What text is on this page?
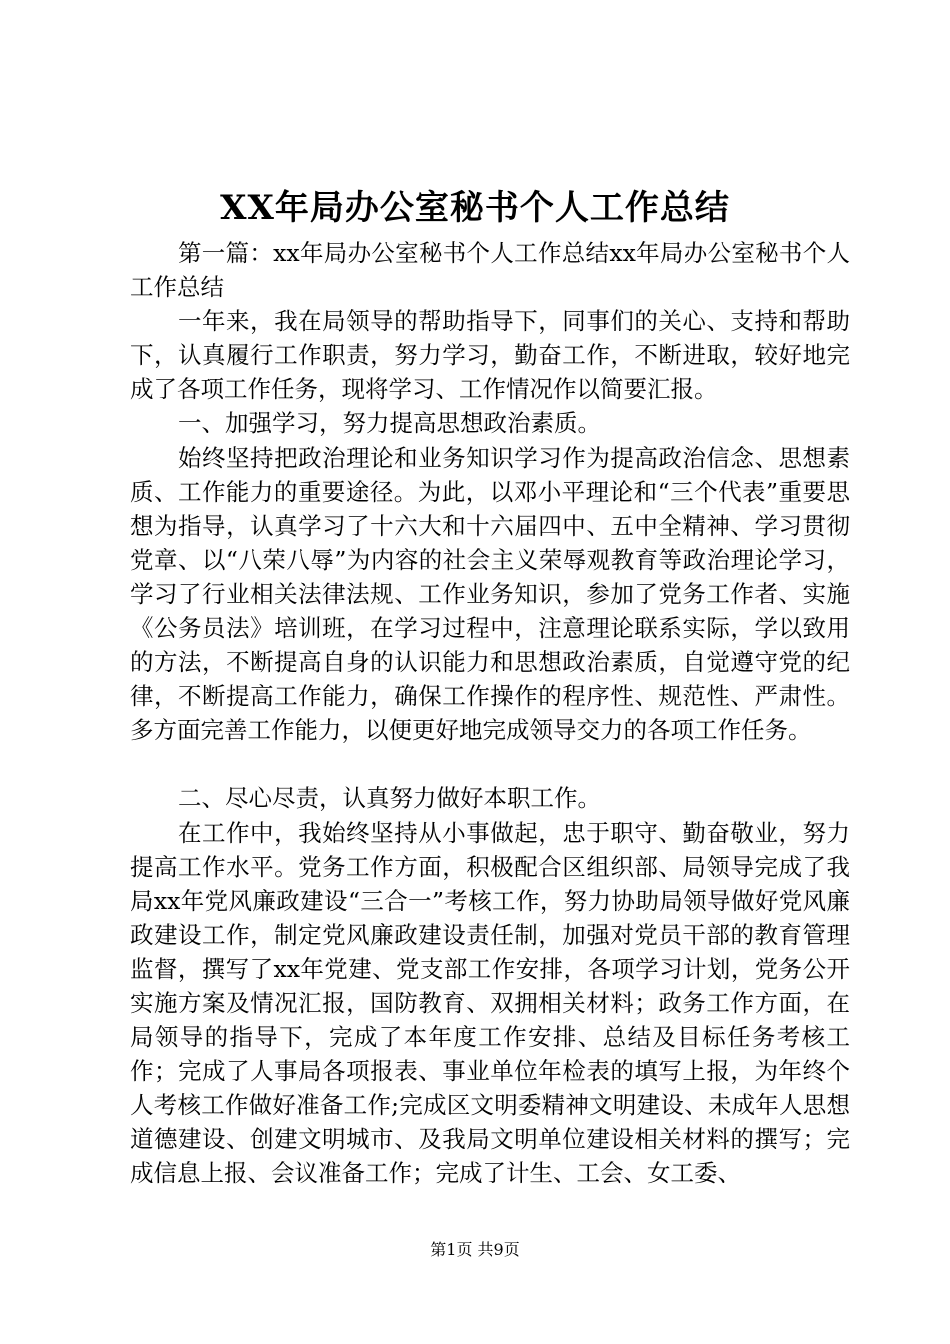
XX年局办公室秘书个人工作总结

第一篇：xx年局办公室秘书个人工作总结xx年局办公室秘书个人工作总结

一年来，我在局领导的帮助指导下，同事们的关心、支持和帮助下，认真履行工作职责，努力学习，勤奋工作，不断进取，较好地完成了各项工作任务，现将学习、工作情况作以简要汇报。

一、加强学习，努力提高思想政治素质。

始终坚持把政治理论和业务知识学习作为提高政治信念、思想素质、工作能力的重要途径。为此，以邓小平理论和“三个代表”重要思想为指导，认真学习了十六大和十六届四中、五中全精神、学习贯彻党章、以“八荣八辱”为内容的社会主义荣辱观教育等政治理论学习，学习了行业相关法律法规、工作业务知识，参加了党务工作者、实施《公务员法》培训班，在学习过程中，注意理论联系实际，学以致用的方法，不断提高自身的认识能力和思想政治素质，自觉遵守党的纪律，不断提高工作能力，确保工作操作的程序性、规范性、严肃性。多方面完善工作能力，以便更好地完成领导交力的各项工作任务。

二、尽心尽责，认真努力做好本职工作。

在工作中，我始终坚持从小事做起，忠于职守、勤奋敬业，努力提高工作水平。党务工作方面，积极配合区组织部、局领导完成了我局xx年党风廉政建设“三合一”考核工作，努力协助局领导做好党风廉政建设工作，制定党风廉政建设责任制，加强对党员干部的教育管理监督，撰写了xx年党建、党支部工作安排，各项学习计划，党务公开实施方案及情况汇报，国防教育、双拥相关材料；政务工作方面，在局领导的指导下，完成了本年度工作安排、总结及目标任务考核工作；完成了人事局各项报表、事业单位年检表的填写上报，为年终个人考核工作做好准备工作;完成区文明委精神文明建设、未成年人思想道德建设、创建文明城市、及我局文明单位建设相关材料的撰写；完成信息上报、会议准备工作；完成了计生、工会、女工委、

第1页 共9页
